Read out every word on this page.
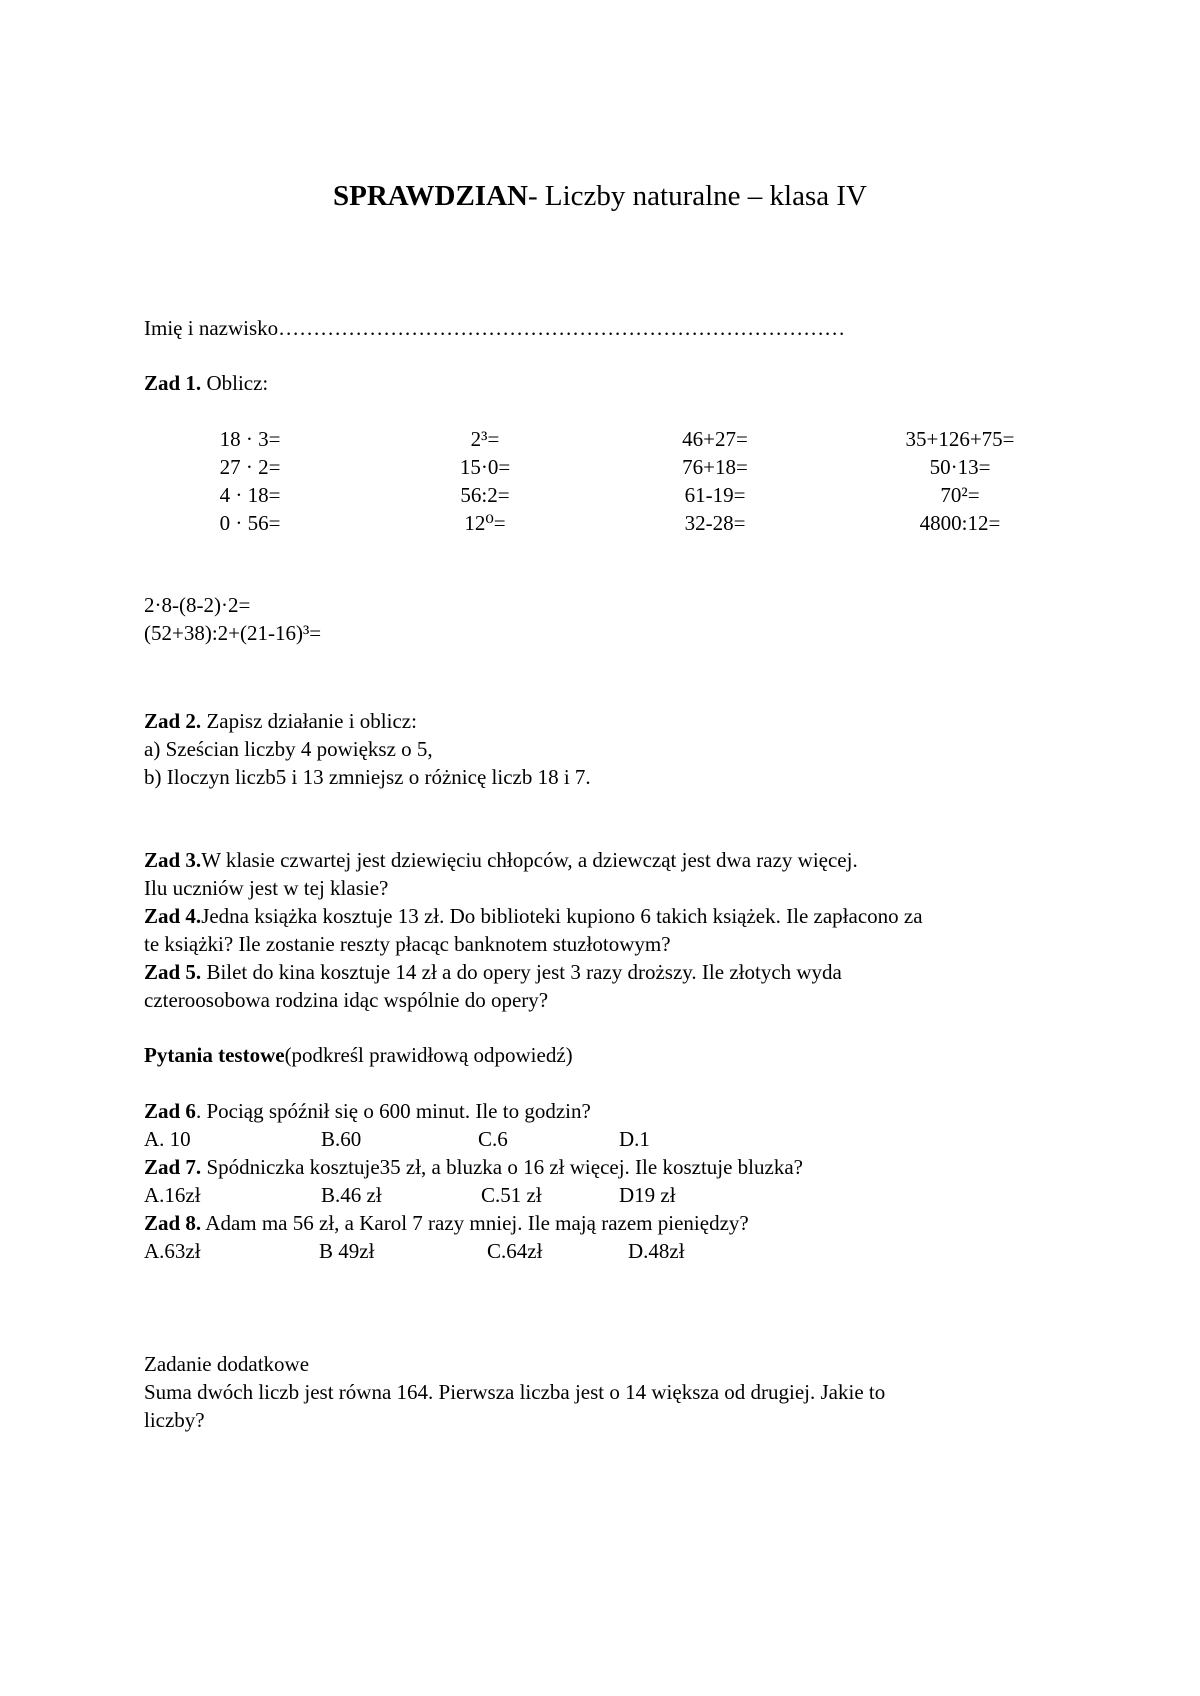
SPRAWDZIAN- Liczby naturalne – klasa IV
Imię i nazwisko………………………………………………………………………
Zad 1. Oblicz:
18 · 3=	2³=	46+27=	35+126+75=
27 · 2=	15·0=	76+18=	50·13=
4 · 18=	56:2=	61-19=	70²=
0 · 56=	12⁰=	32-28=	4800:12=
2·8-(8-2)·2=
(52+38):2+(21-16)³=
Zad 2. Zapisz działanie i oblicz:
a) Sześcian liczby 4 powiększ o 5,
b) Iloczyn liczb5 i 13 zmniejsz o różnicę liczb 18 i 7.
Zad 3.W klasie czwartej jest dziewięciu chłopców, a dziewcząt jest dwa razy więcej.
Ilu uczniów jest w tej klasie?
Zad 4.Jedna książka kosztuje 13 zł. Do biblioteki kupiono 6 takich książek. Ile zapłacono za
te książki? Ile zostanie reszty płacąc banknotem stuzłotowym?
Zad 5. Bilet do kina kosztuje 14 zł a do opery jest 3 razy droższy. Ile złotych wyda
czteroosobowa rodzina idąc wspólnie do opery?
Pytania testowe(podkreśl prawidłową odpowiedź)
Zad 6. Pociąg spóźnił się o 600 minut. Ile to godzin?
A. 10	B.60	C.6	D.1
Zad 7. Spódniczka kosztuje35 zł, a bluzka o 16 zł więcej. Ile kosztuje bluzka?
A.16zł	B.46 zł	C.51 zł	D19 zł
Zad 8. Adam ma 56 zł, a Karol 7 razy mniej. Ile mają razem pieniędzy?
A.63zł	B 49zł	C.64zł	D.48zł
Zadanie dodatkowe
Suma dwóch liczb jest równa 164. Pierwsza liczba jest o 14 większa od drugiej. Jakie to
liczby?
